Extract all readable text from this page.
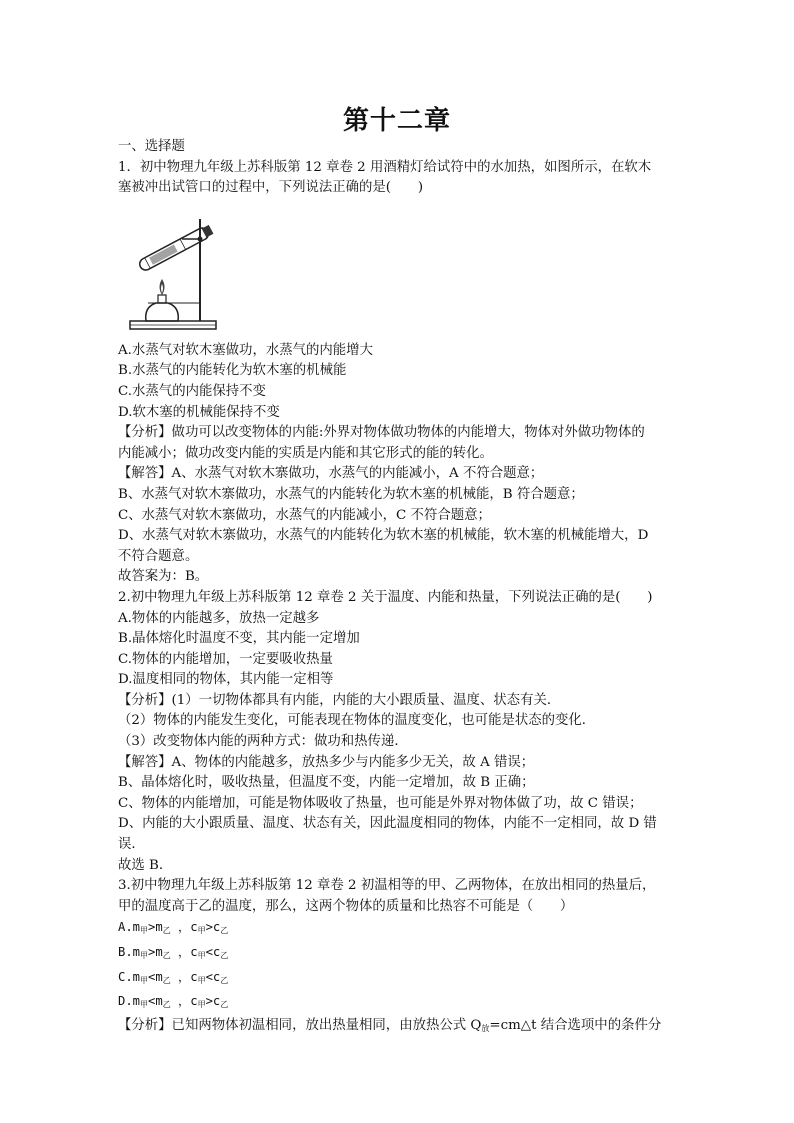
第十二章

一、选择题

1．初中物理九年级上苏科版第 12 章卷 2 用酒精灯给试符中的水加热，如图所示，在软木

塞被冲出试管口的过程中，下列说法正确的是(　　)

A.水蒸气对软木塞做功，水蒸气的内能增大

B.水蒸气的内能转化为软木塞的机械能

C.水蒸气的内能保持不变

D.软木塞的机械能保持不变

【分析】做功可以改变物体的内能:外界对物体做功物体的内能增大，物体对外做功物体的

内能减小；做功改变内能的实质是内能和其它形式的能的转化。

【解答】A、水蒸气对软木寨做功，水蒸气的内能减小，A 不符合题意；

B、水蒸气对软木寨做功，水蒸气的内能转化为软木塞的机械能，B 符合题意；

C、水蒸气对软木寨做功，水蒸气的内能减小，C 不符合题意；

D、水蒸气对软木寨做功，水蒸气的内能转化为软木塞的机械能，软木塞的机械能增大，D

不符合题意。

故答案为：B。

2.初中物理九年级上苏科版第 12 章卷 2 关于温度、内能和热量，下列说法正确的是(　　)

A.物体的内能越多，放热一定越多

B.晶体熔化时温度不变，其内能一定增加

C.物体的内能增加，一定要吸收热量

D.温度相同的物体，其内能一定相等

【分析】(1）一切物体都具有内能，内能的大小跟质量、温度、状态有关．

（2）物体的内能发生变化，可能表现在物体的温度变化，也可能是状态的变化．

（3）改变物体内能的两种方式：做功和热传递．

【解答】A、物体的内能越多，放热多少与内能多少无关，故 A 错误；

B、晶体熔化时，吸收热量，但温度不变，内能一定增加，故 B 正确；

C、物体的内能增加，可能是物体吸收了热量，也可能是外界对物体做了功，故 C 错误；

D、内能的大小跟质量、温度、状态有关，因此温度相同的物体，内能不一定相同，故 D 错

误．

故选 B．

3.初中物理九年级上苏科版第 12 章卷 2 初温相等的甲、乙两物体，在放出相同的热量后，

甲的温度高于乙的温度，那么，这两个物体的质量和比热容不可能是（　　）

$A.m_甲>m_乙$ ，$c_甲>c_乙$

$B.m_甲>m_乙$ ，$c_甲<c_乙$

$C.m_甲<m_乙$ ，$c_甲<c_乙$

$D.m_甲<m_乙$ ，$c_甲>c_乙$

【分析】已知两物体初温相同，放出热量相同，由放热公式 $Q_放=cm\triangle t$ 结合选项中的条件分
